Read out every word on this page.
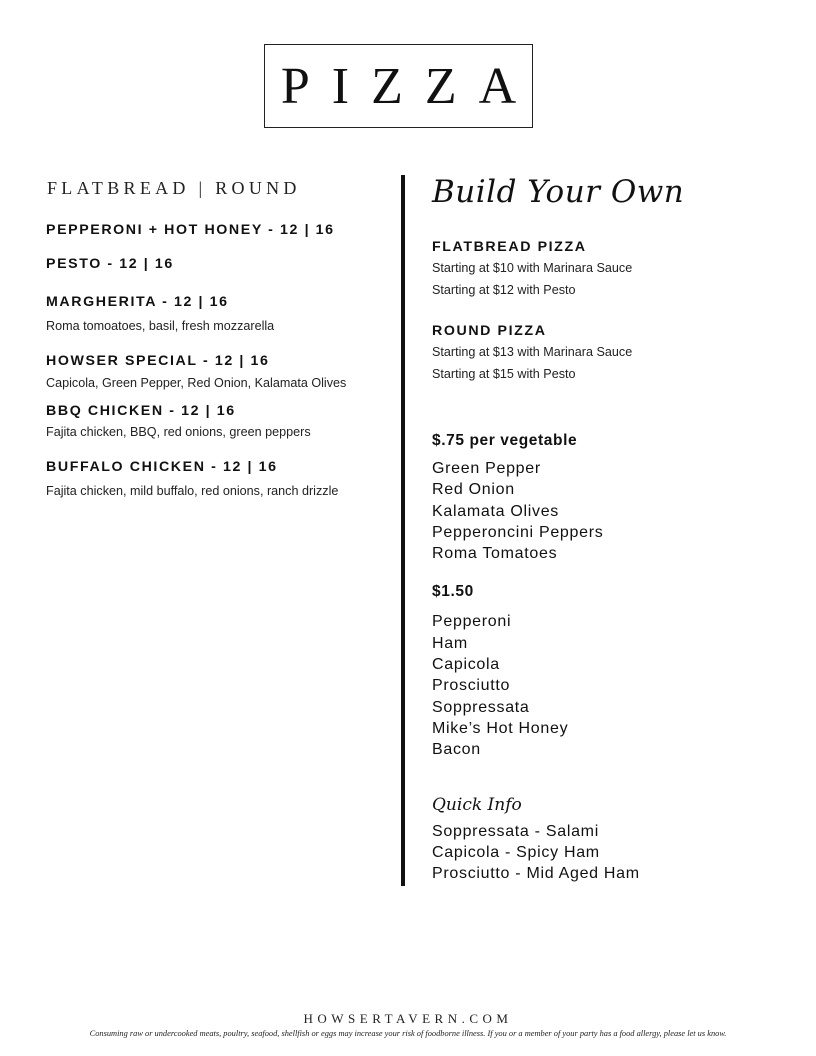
PIZZA
FLATBREAD | ROUND
PEPPERONI + HOT HONEY - 12 | 16
PESTO - 12 | 16
MARGHERITA - 12 | 16
Roma tomoatoes, basil, fresh mozzarella
HOWSER SPECIAL - 12 | 16
Capicola, Green Pepper, Red Onion, Kalamata Olives
BBQ CHICKEN - 12 | 16
Fajita chicken, BBQ, red onions, green peppers
BUFFALO CHICKEN - 12 | 16
Fajita chicken, mild buffalo, red onions, ranch drizzle
Build Your Own
FLATBREAD PIZZA
Starting at $10 with Marinara Sauce
Starting at $12 with Pesto
ROUND PIZZA
Starting at $13 with Marinara Sauce
Starting at $15 with Pesto
$.75 per vegetable
Green Pepper
Red Onion
Kalamata Olives
Pepperoncini Peppers
Roma Tomatoes
$1.50
Pepperoni
Ham
Capicola
Prosciutto
Soppressata
Mike’s Hot Honey
Bacon
Quick Info
Soppressata - Salami
Capicola - Spicy Ham
Prosciutto - Mid Aged Ham
HOWSERTAVERN.COM
Consuming raw or undercooked meats, poultry, seafood, shellfish or eggs may increase your risk of foodborne illness. If you or a member of your party has a food allergy, please let us know.
